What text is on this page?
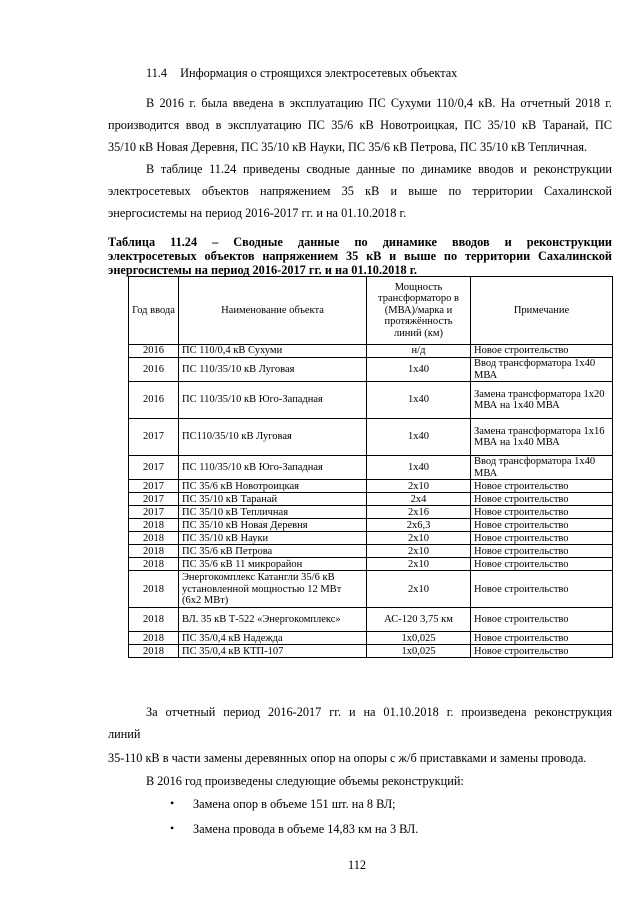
11.4 Информация о строящихся электросетевых объектах
В 2016 г. была введена в эксплуатацию ПС Сухуми 110/0,4 кВ. На отчетный 2018 г.
производится ввод в эксплуатацию ПС 35/6 кВ Новотроицкая, ПС 35/10 кВ Таранай, ПС
35/10 кВ Новая Деревня, ПС 35/10 кВ Науки, ПС 35/6 кВ Петрова, ПС 35/10 кВ Тепличная.
В таблице 11.24 приведены сводные данные по динамике вводов и реконструкции
электросетевых объектов напряжением 35 кВ и выше по территории Сахалинской
энергосистемы на период 2016-2017 гг. и на 01.10.2018 г.
Таблица 11.24 – Сводные данные по динамике вводов и реконструкции
электросетевых объектов напряжением 35 кВ и выше по территории Сахалинской
энергосистемы на период 2016-2017 гг. и на 01.10.2018 г.
Год ввода	Наименование объекта	Мощность трансформаторо в (МВА)/марка и протяжённость линий (км)	Примечание
2016	ПС 110/0,4 кВ Сухуми	н/д	Новое строительство
2016	ПС 110/35/10 кВ Луговая	1х40	Ввод трансформатора 1х40 МВА
2016	ПС 110/35/10 кВ Юго-Западная	1х40	Замена трансформатора 1х20 МВА на 1х40 МВА
2017	ПС110/35/10 кВ Луговая	1х40	Замена трансформатора 1х16 МВА на 1х40 МВА
2017	ПС 110/35/10 кВ Юго-Западная	1х40	Ввод трансформатора 1х40 МВА
2017	ПС 35/6 кВ Новотроицкая	2х10	Новое строительство
2017	ПС 35/10 кВ Таранай	2х4	Новое строительство
2017	ПС 35/10 кВ Тепличная	2х16	Новое строительство
2018	ПС 35/10 кВ Новая Деревня	2х6,3	Новое строительство
2018	ПС 35/10 кВ Науки	2х10	Новое строительство
2018	ПС 35/6 кВ Петрова	2х10	Новое строительство
2018	ПС 35/6 кВ 11 микрорайон	2х10	Новое строительство
2018	Энергокомплекс Катангли 35/6 кВ установленной мощностью 12 МВт (6х2 МВт)	2х10	Новое строительство
2018	ВЛ. 35 кВ Т-522 «Энергокомплекс»	АС-120 3,75 км	Новое строительство
2018	ПС 35/0,4 кВ Надежда	1х0,025	Новое строительство
2018	ПС 35/0,4 кВ КТП-107	1х0,025	Новое строительство
За отчетный период 2016-2017 гг. и на 01.10.2018 г. произведена реконструкция
линий
35-110 кВ в части замены деревянных опор на опоры с ж/б приставками и замены провода.
В 2016 год произведены следующие объемы реконструкций:
• Замена опор в объеме 151 шт. на 8 ВЛ;
• Замена провода в объеме 14,83 км на 3 ВЛ.
112
